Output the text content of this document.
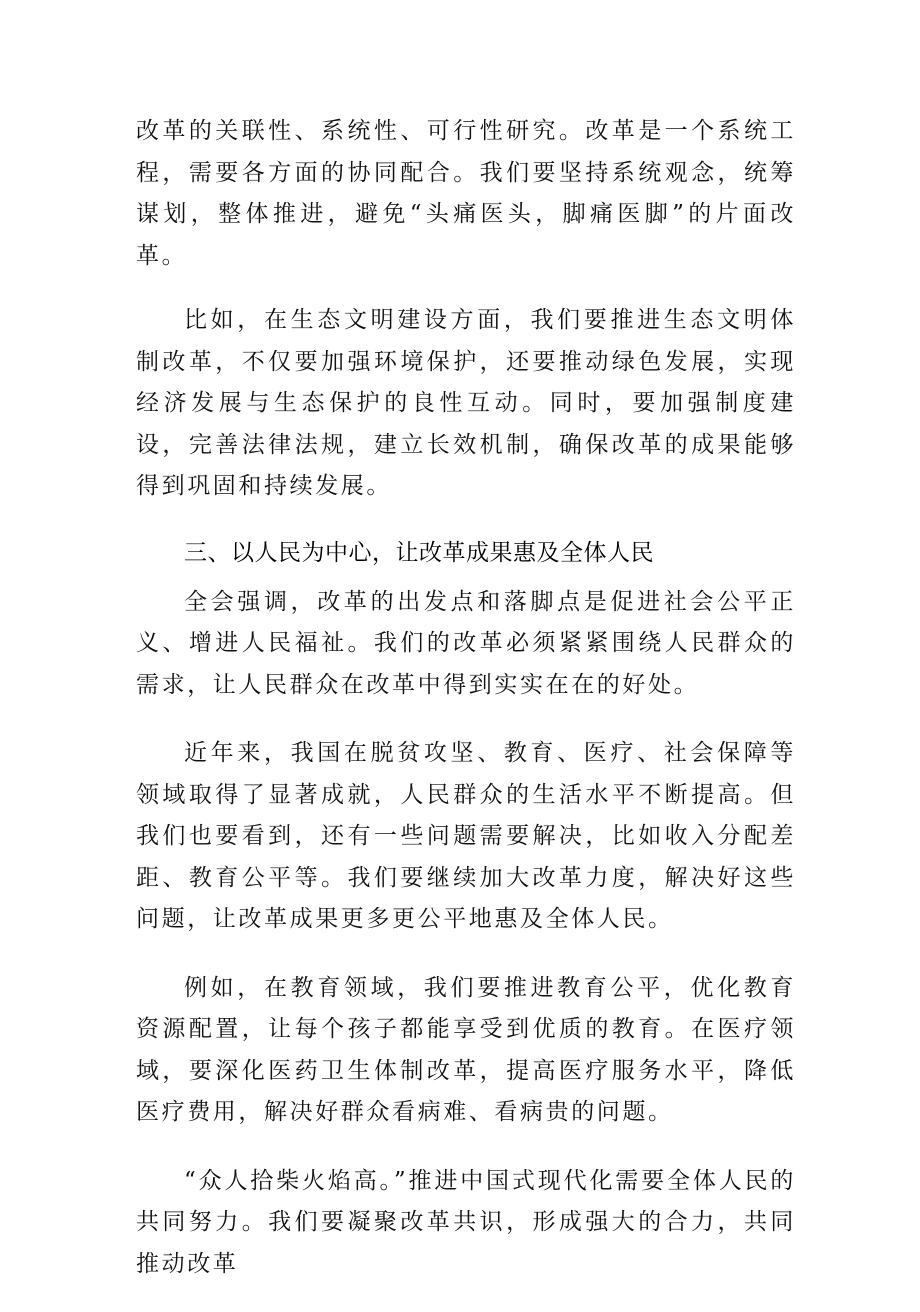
改革的关联性、系统性、可行性研究。改革是一个系统工程，需要各方面的协同配合。我们要坚持系统观念，统筹谋划，整体推进，避免“头痛医头，脚痛医脚”的片面改革。

比如，在生态文明建设方面，我们要推进生态文明体制改革，不仅要加强环境保护，还要推动绿色发展，实现经济发展与生态保护的良性互动。同时，要加强制度建设，完善法律法规，建立长效机制，确保改革的成果能够得到巩固和持续发展。

三、以人民为中心，让改革成果惠及全体人民

全会强调，改革的出发点和落脚点是促进社会公平正义、增进人民福祉。我们的改革必须紧紧围绕人民群众的需求，让人民群众在改革中得到实实在在的好处。

近年来，我国在脱贫攻坚、教育、医疗、社会保障等领域取得了显著成就，人民群众的生活水平不断提高。但我们也要看到，还有一些问题需要解决，比如收入分配差距、教育公平等。我们要继续加大改革力度，解决好这些问题，让改革成果更多更公平地惠及全体人民。

例如，在教育领域，我们要推进教育公平，优化教育资源配置，让每个孩子都能享受到优质的教育。在医疗领域，要深化医药卫生体制改革，提高医疗服务水平，降低医疗费用，解决好群众看病难、看病贵的问题。

“众人拾柴火焰高。”推进中国式现代化需要全体人民的共同努力。我们要凝聚改革共识，形成强大的合力，共同推动改革
